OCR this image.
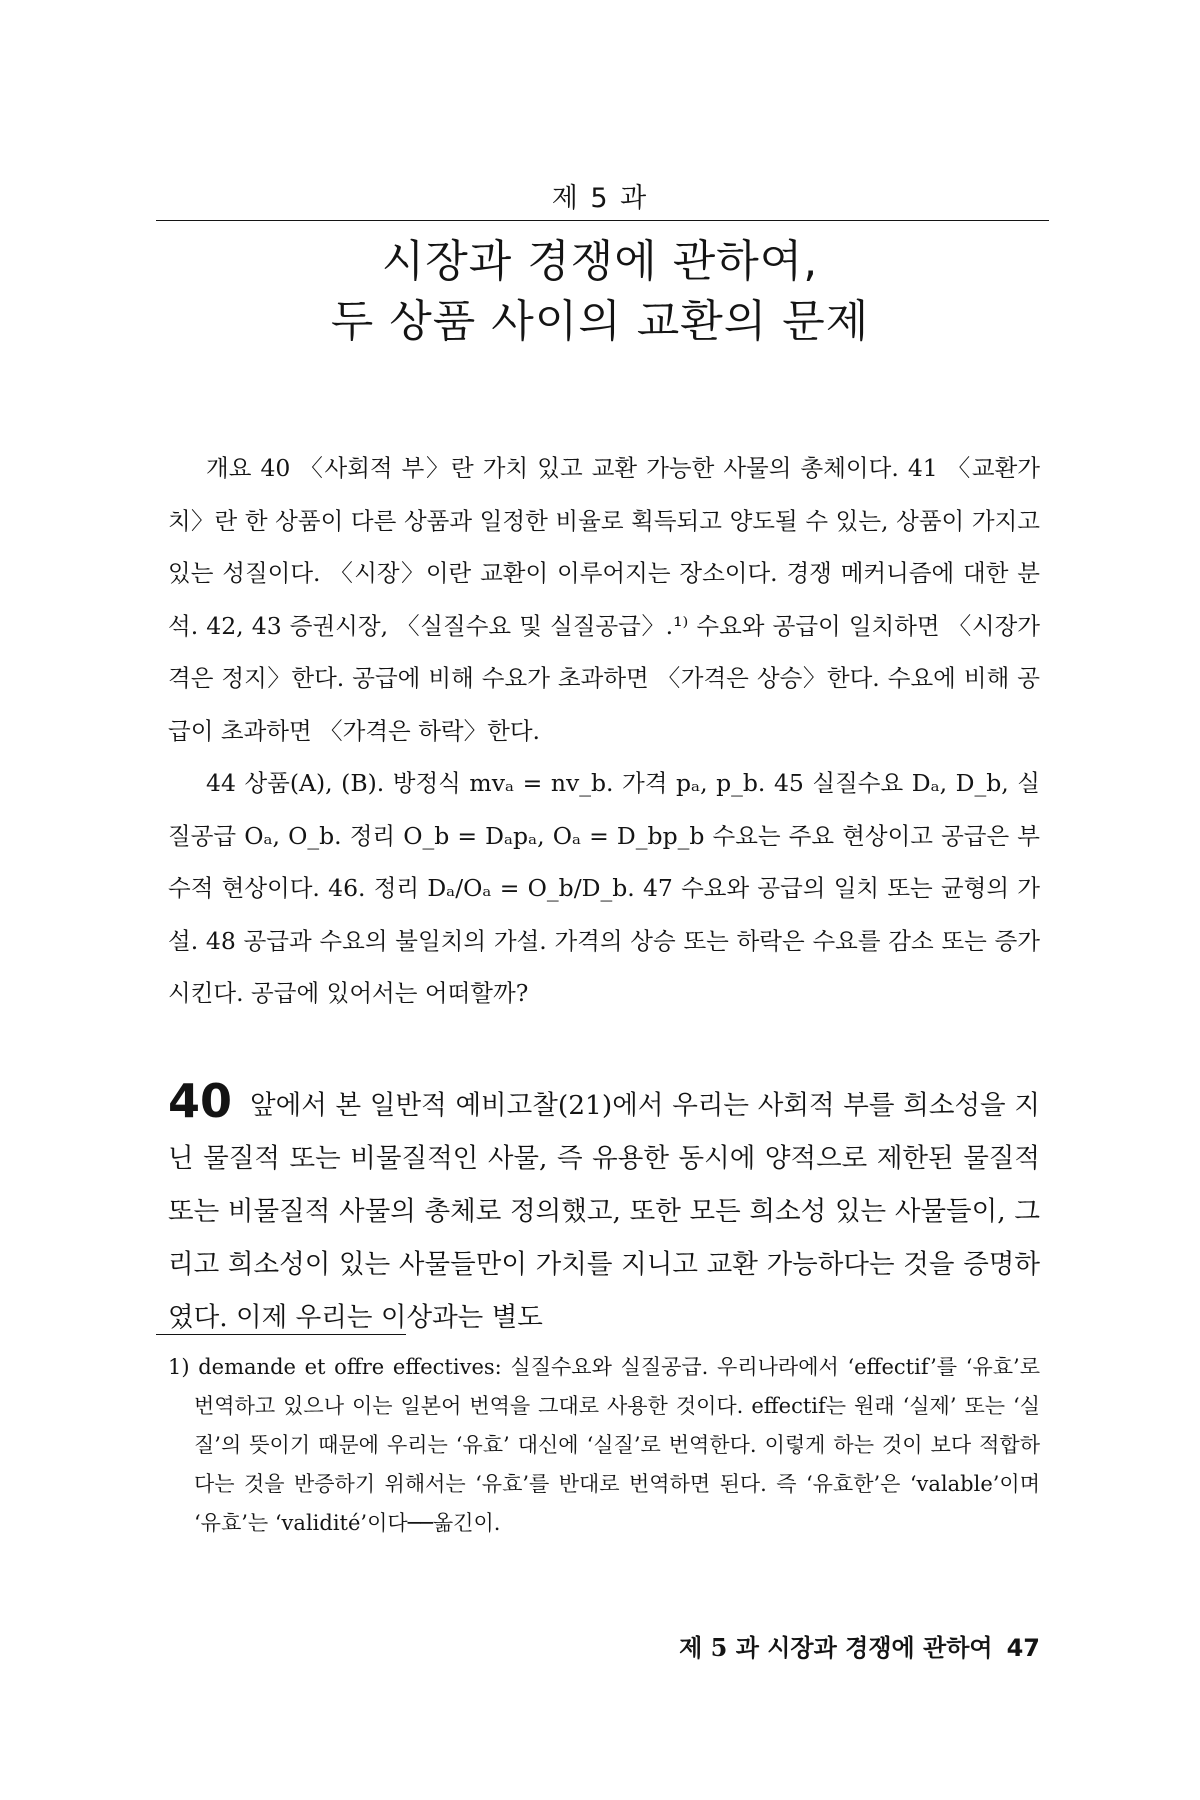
제 5 과
시장과 경쟁에 관하여,
두 상품 사이의 교환의 문제

개요 40 〈사회적 부〉란 가치 있고 교환 가능한 사물의 총체이다. 41 〈교환가치〉란 한 상품이 다른 상품과 일정한 비율로 획득되고 양도될 수 있는, 상품이 가지고 있는 성질이다. 〈시장〉이란 교환이 이루어지는 장소이다. 경쟁 메커니즘에 대한 분석. 42, 43 증권시장, 〈실질수요 및 실질공급〉.¹⁾ 수요와 공급이 일치하면 〈시장가격은 정지〉한다. 공급에 비해 수요가 초과하면 〈가격은 상승〉한다. 수요에 비해 공급이 초과하면 〈가격은 하락〉한다.

44 상품(A), (B). 방정식 mvₐ = nv_b. 가격 pₐ, p_b. 45 실질수요 Dₐ, D_b, 실질공급 Oₐ, O_b. 정리 O_b = Dₐpₐ, Oₐ = D_bp_b 수요는 주요 현상이고 공급은 부수적 현상이다. 46. 정리 Dₐ/Oₐ = O_b/D_b. 47 수요와 공급의 일치 또는 균형의 가설. 48 공급과 수요의 불일치의 가설. 가격의 상승 또는 하락은 수요를 감소 또는 증가시킨다. 공급에 있어서는 어떠할까?

40 앞에서 본 일반적 예비고찰(21)에서 우리는 사회적 부를 희소성을 지닌 물질적 또는 비물질적인 사물, 즉 유용한 동시에 양적으로 제한된 물질적 또는 비물질적 사물의 총체로 정의했고, 또한 모든 희소성 있는 사물들이, 그리고 희소성이 있는 사물들만이 가치를 지니고 교환 가능하다는 것을 증명하였다. 이제 우리는 이상과는 별도

1) demande et offre effectives: 실질수요와 실질공급. 우리나라에서 ‘effectif’를 ‘유효’로 번역하고 있으나 이는 일본어 번역을 그대로 사용한 것이다. effectif는 원래 ‘실제’ 또는 ‘실질’의 뜻이기 때문에 우리는 ‘유효’ 대신에 ‘실질’로 번역한다. 이렇게 하는 것이 보다 적합하다는 것을 반증하기 위해서는 ‘유효’를 반대로 번역하면 된다. 즉 ‘유효한’은 ‘valable’이며 ‘유효’는 ‘validité’이다──옮긴이.

제 5 과 시장과 경쟁에 관하여 47
